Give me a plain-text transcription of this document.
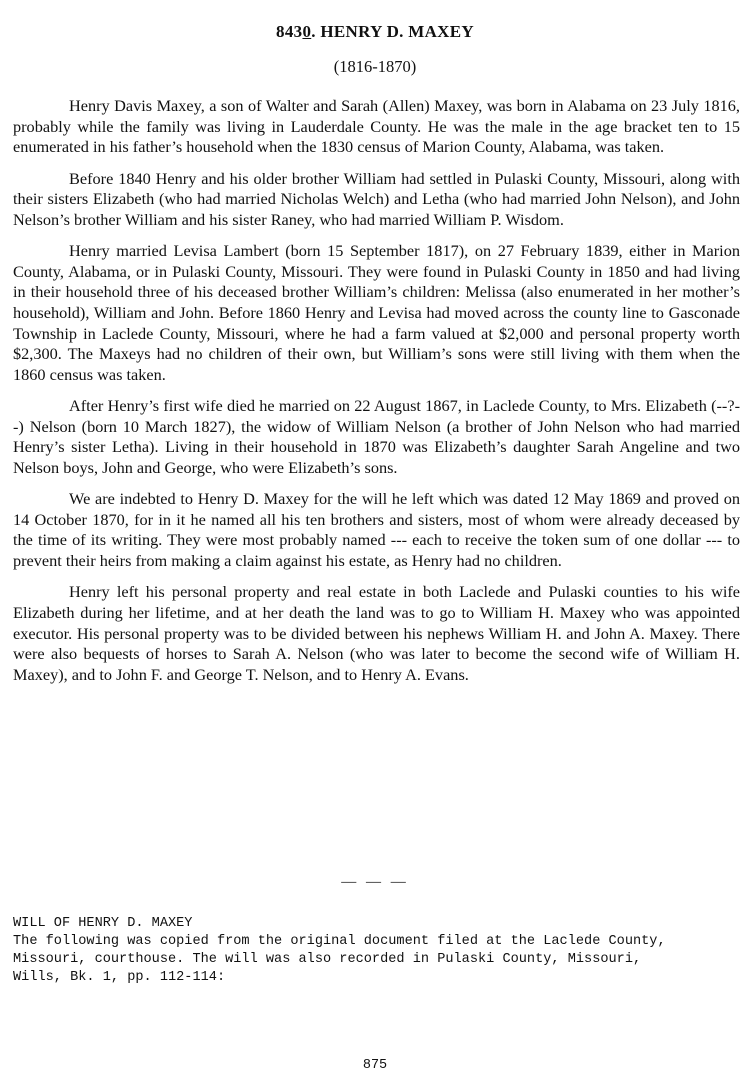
8430. HENRY D. MAXEY
(1816-1870)

Henry Davis Maxey, a son of Walter and Sarah (Allen) Maxey, was born in Alabama on 23 July 1816, probably while the family was living in Lauderdale County. He was the male in the age bracket ten to 15 enumerated in his father’s household when the 1830 census of Marion County, Alabama, was taken.

Before 1840 Henry and his older brother William had settled in Pulaski County, Missouri, along with their sisters Elizabeth (who had married Nicholas Welch) and Letha (who had married John Nelson), and John Nelson’s brother William and his sister Raney, who had married William P. Wisdom.

Henry married Levisa Lambert (born 15 September 1817), on 27 February 1839, either in Marion County, Alabama, or in Pulaski County, Missouri. They were found in Pulaski County in 1850 and had living in their household three of his deceased brother William’s children: Melissa (also enumerated in her mother’s household), William and John. Before 1860 Henry and Levisa had moved across the county line to Gasconade Township in Laclede County, Missouri, where he had a farm valued at $2,000 and personal property worth $2,300. The Maxeys had no children of their own, but William’s sons were still living with them when the 1860 census was taken.

After Henry’s first wife died he married on 22 August 1867, in Laclede County, to Mrs. Elizabeth (--?--) Nelson (born 10 March 1827), the widow of William Nelson (a brother of John Nelson who had married Henry’s sister Letha). Living in their household in 1870 was Elizabeth’s daughter Sarah Angeline and two Nelson boys, John and George, who were Elizabeth’s sons.

We are indebted to Henry D. Maxey for the will he left which was dated 12 May 1869 and proved on 14 October 1870, for in it he named all his ten brothers and sisters, most of whom were already deceased by the time of its writing. They were most probably named --- each to receive the token sum of one dollar --- to prevent their heirs from making a claim against his estate, as Henry had no children.

Henry left his personal property and real estate in both Laclede and Pulaski counties to his wife Elizabeth during her lifetime, and at her death the land was to go to William H. Maxey who was appointed executor. His personal property was to be divided between his nephews William H. and John A. Maxey. There were also bequests of horses to Sarah A. Nelson (who was later to become the second wife of William H. Maxey), and to John F. and George T. Nelson, and to Henry A. Evans.

— — —
WILL OF HENRY D. MAXEY
The following was copied from the original document filed at the Laclede County,
Missouri, courthouse. The will was also recorded in Pulaski County, Missouri,
Wills, Bk. 1, pp. 112-114:
875
